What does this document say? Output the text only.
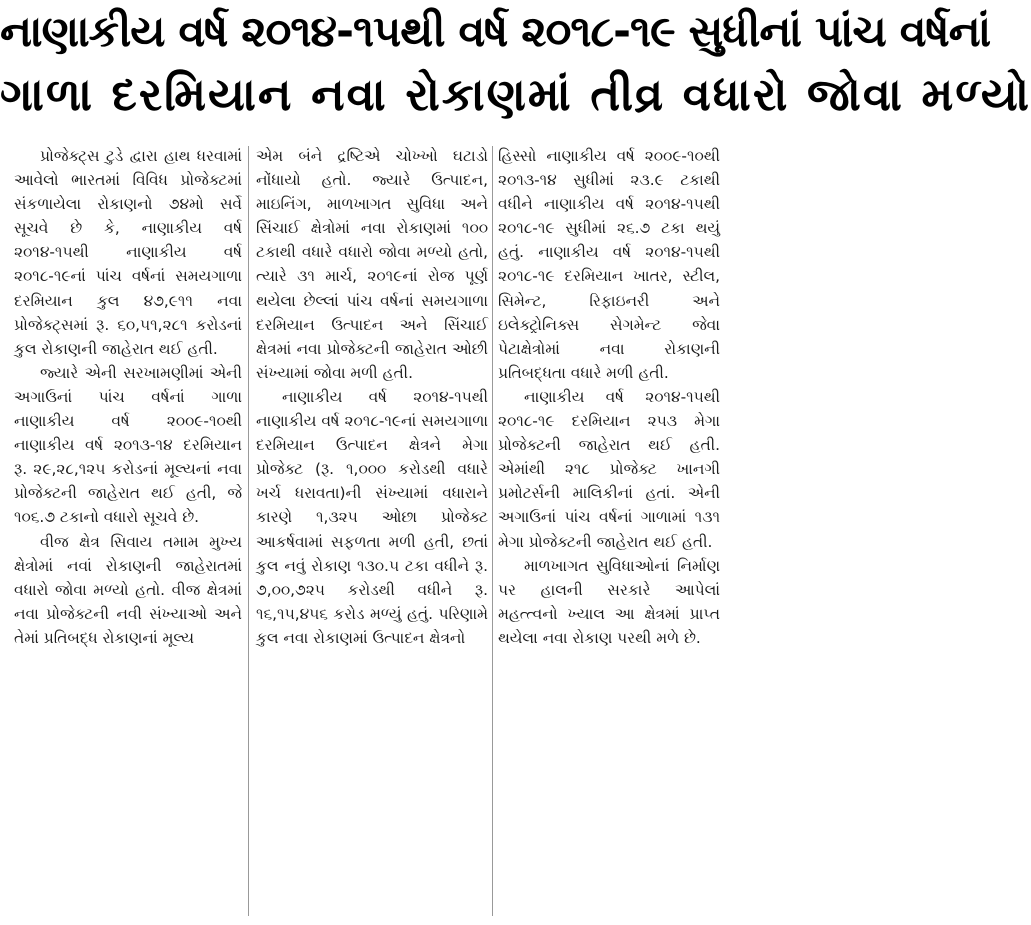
નાણાકીય વર્ષ ૨૦૧૪-૧૫થી વર્ષ ૨૦૧૮-૧૯ સુધીનાં પાંચ વર્ષનાં
ગાળા દરમિયાન નવા રોકાણમાં તીવ્ર વધારો જોવા મળ્યો

પ્રોજેક્ટ્સ ટુડે દ્વારા હાથ ધરવામાં આવેલો ભારતમાં વિવિધ પ્રોજેક્ટમાં સંકળાયેલા રોકાણનો ૭૪મો સર્વે સૂચવે છે કે, નાણાકીય વર્ષ ૨૦૧૪-૧૫થી નાણાકીય વર્ષ ૨૦૧૮-૧૯નાં પાંચ વર્ષનાં સમયગાળા દરમિયાન કુલ ૪૭,૯૧૧ નવા પ્રોજેક્ટ્સમાં રૂ. ૬૦,૫૧,૨૮૧ કરોડનાં કુલ રોકાણની જાહેરાત થઈ હતી.

જ્યારે એની સરખામણીમાં એની અગાઉનાં પાંચ વર્ષનાં ગાળા નાણાકીય વર્ષ ૨૦૦૯-૧૦થી નાણાકીય વર્ષ ૨૦૧૩-૧૪ દરમિયાન રૂ. ૨૯,૨૮,૧૨૫ કરોડનાં મૂલ્યનાં નવા પ્રોજેક્ટની જાહેરાત થઈ હતી, જે ૧૦૬.૭ ટકાનો વધારો સૂચવે છે.

વીજ ક્ષેત્ર સિવાય તમામ મુખ્ય ક્ષેત્રોમાં નવાં રોકાણની જાહેરાતમાં વધારો જોવા મળ્યો હતો. વીજ ક્ષેત્રમાં નવા પ્રોજેક્ટની નવી સંખ્યાઓ અને તેમાં પ્રતિબદ્ધ રોકાણનાં મૂલ્ય

એમ બંને દ્રષ્ટિએ ચોખ્ખો ઘટાડો નોંધાયો હતો. જ્યારે ઉત્પાદન, માઇનિંગ, માળખાગત સુવિધા અને સિંચાઈ ક્ષેત્રોમાં નવા રોકાણમાં ૧૦૦ ટકાથી વધારે વધારો જોવા મળ્યો હતો, ત્યારે ૩૧ માર્ચ, ૨૦૧૯નાં રોજ પૂર્ણ થયેલા છેલ્લાં પાંચ વર્ષનાં સમયગાળા દરમિયાન ઉત્પાદન અને સિંચાઈ ક્ષેત્રમાં નવા પ્રોજેક્ટની જાહેરાત ઓછી સંખ્યામાં જોવા મળી હતી.

નાણાકીય વર્ષ ૨૦૧૪-૧૫થી નાણાકીય વર્ષ ૨૦૧૮-૧૯નાં સમયગાળા દરમિયાન ઉત્પાદન ક્ષેત્રને મેગા પ્રોજેક્ટ (રૂ. ૧,૦૦૦ કરોડથી વધારે ખર્ચ ધરાવતા)ની સંખ્યામાં વધારાને કારણે ૧,૩૨૫ ઓછા પ્રોજેક્ટ આકર્ષવામાં સફળતા મળી હતી, છતાં કુલ નવું રોકાણ ૧૩૦.૫ ટકા વધીને રૂ. ૭,૦૦,૭૨૫ કરોડથી વધીને રૂ. ૧૬,૧૫,૪૫૬ કરોડ મળ્યું હતું. પરિણામે કુલ નવા રોકાણમાં ઉત્પાદન ક્ષેત્રનો

હિસ્સો નાણાકીય વર્ષ ૨૦૦૯-૧૦થી ૨૦૧૩-૧૪ સુધીમાં ૨૩.૯ ટકાથી વધીને નાણાકીય વર્ષ ૨૦૧૪-૧૫થી ૨૦૧૮-૧૯ સુધીમાં ૨૬.૭ ટકા થયું હતું. નાણાકીય વર્ષ ૨૦૧૪-૧૫થી ૨૦૧૮-૧૯ દરમિયાન ખાતર, સ્ટીલ, સિમેન્ટ, રિફાઇનરી અને ઇલેક્ટ્રોનિક્સ સેગમેન્ટ જેવા પેટાક્ષેત્રોમાં નવા રોકાણની પ્રતિબદ્ધતા વધારે મળી હતી.

નાણાકીય વર્ષ ૨૦૧૪-૧૫થી ૨૦૧૮-૧૯ દરમિયાન ૨૫૩ મેગા પ્રોજેક્ટની જાહેરાત થઈ હતી. એમાંથી ૨૧૮ પ્રોજેક્ટ ખાનગી પ્રમોટર્સની માલિકીનાં હતાં. એની અગાઉનાં પાંચ વર્ષનાં ગાળામાં ૧૩૧ મેગા પ્રોજેક્ટની જાહેરાત થઈ હતી.

માળખાગત સુવિધાઓનાં નિર્માણ પર હાલની સરકારે આપેલાં મહત્ત્વનો ખ્યાલ આ ક્ષેત્રમાં પ્રાપ્ત થયેલા નવા રોકાણ પરથી મળે છે.
